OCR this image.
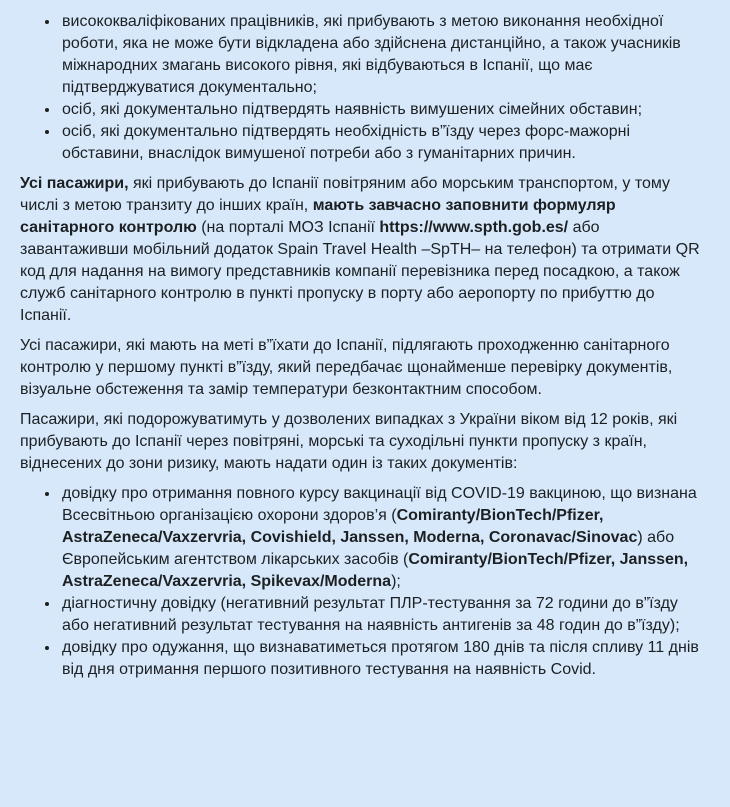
• висококваліфікованих працівників, які прибувають з метою виконання необхідної роботи, яка не може бути відкладена або здійснена дистанційно, а також учасників міжнародних змагань високого рівня, які відбуваються в Іспанії, що має підтверджуватися документально;
• осіб, які документально підтвердять наявність вимушених сімейних обставин;
• осіб, які документально підтвердять необхідність в”їзду через форс-мажорні обставини, внаслідок вимушеної потреби або з гуманітарних причин.

Усі пасажири, які прибувають до Іспанії повітряним або морським транспортом, у тому числі з метою транзиту до інших країн, мають завчасно заповнити формуляр санітарного контролю (на порталі МОЗ Іспанії https://www.spth.gob.es/ або завантаживши мобільний додаток Spain Travel Health –SpTH– на телефон) та отримати QR код для надання на вимогу представників компанії перевізника перед посадкою, а також служб санітарного контролю в пункті пропуску в порту або аеропорту по прибуттю до Іспанії.

Усі пасажири, які мають на меті в”їхати до Іспанії, підлягають проходженню санітарного контролю у першому пункті в”їзду, який передбачає щонайменше перевірку документів, візуальне обстеження та замір температури безконтактним способом.

Пасажири, які подорожуватимуть у дозволених випадках з України віком від 12 років, які прибувають до Іспанії через повітряні, морські та суходільні пункти пропуску з країн, віднесених до зони ризику, мають надати один із таких документів:

• довідку про отримання повного курсу вакцинації від COVID-19 вакциною, що визнана Всесвітньою організацією охорони здоров’я (Comiranty/BionTech/Pfizer, AstraZeneca/Vaxzervria, Covishield, Janssen, Moderna, Coronavac/Sinovac) або Європейським агентством лікарських засобів (Comiranty/BionTech/Pfizer, Janssen, AstraZeneca/Vaxzervria, Spikevax/Moderna);
• діагностичну довідку (негативний результат ПЛР-тестування за 72 години до в”їзду або негативний результат тестування на наявність антигенів за 48 годин до в”їзду);
• довідку про одужання, що визнаватиметься протягом 180 днів та після спливу 11 днів від дня отримання першого позитивного тестування на наявність Covid.
